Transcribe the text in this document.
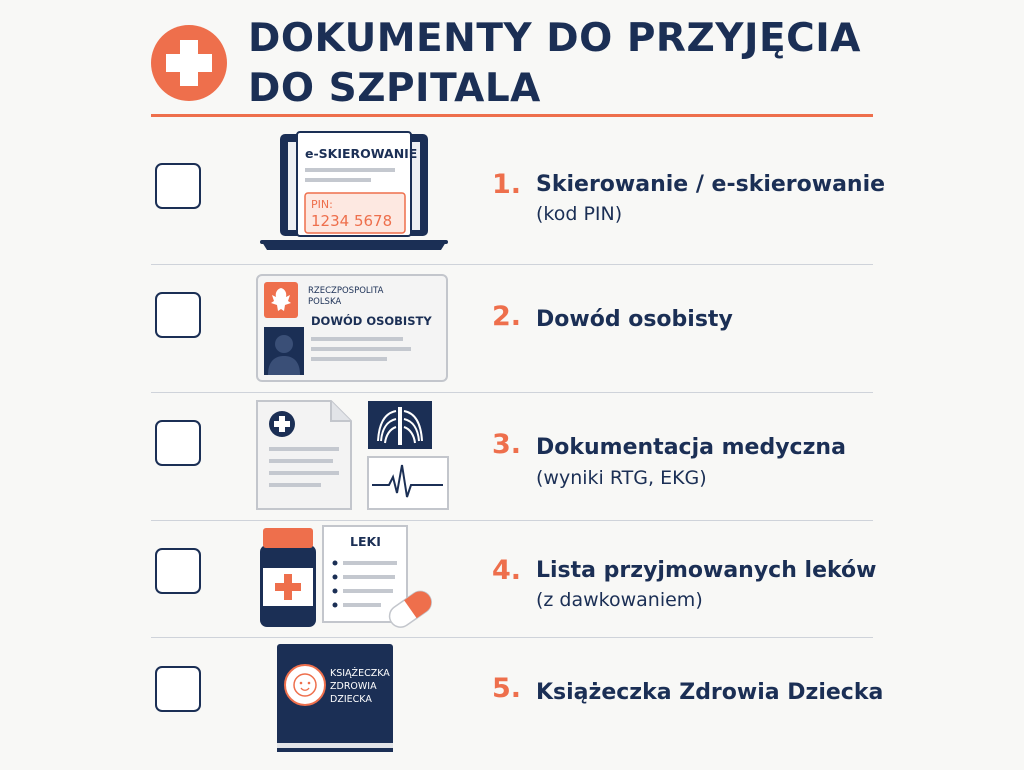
DOKUMENTY DO PRZYJĘCIA
DO SZPITALA
e-SKIEROWANIE
PIN:
1234 5678
1. Skierowanie / e-skierowanie
(kod PIN)
RZECZPOSPOLITA
POLSKA
DOWÓD OSOBISTY 2. Dowód osobisty
3. Dokumentacja medyczna
(wyniki RTG, EKG)
LEKI
4. Lista przyjmowanych leków
(z dawkowaniem)
KSIĄŻECZKA
ZDROWIA
DZIECKA	5. Książeczka Zdrowia Dziecka
